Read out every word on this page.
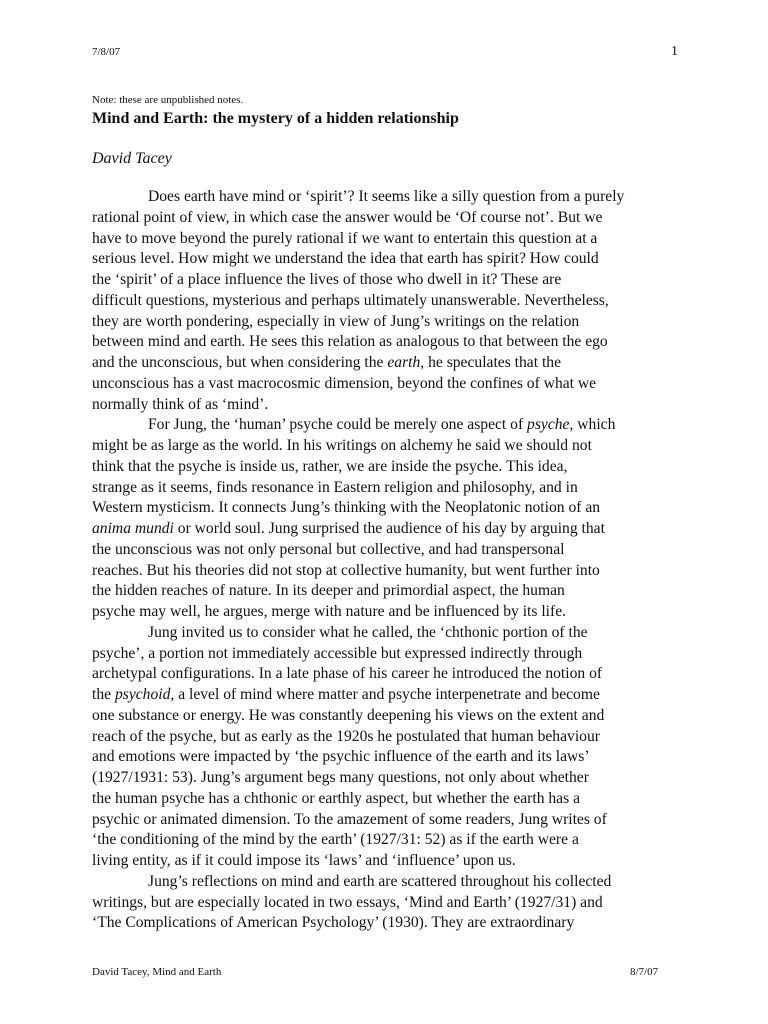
7/8/07	1
Note: these are unpublished notes.
Mind and Earth: the mystery of a hidden relationship
David Tacey
Does earth have mind or ‘spirit’? It seems like a silly question from a purely
rational point of view, in which case the answer would be ‘Of course not’. But we
have to move beyond the purely rational if we want to entertain this question at a
serious level. How might we understand the idea that earth has spirit? How could
the ‘spirit’ of a place influence the lives of those who dwell in it? These are
difficult questions, mysterious and perhaps ultimately unanswerable. Nevertheless,
they are worth pondering, especially in view of Jung’s writings on the relation
between mind and earth. He sees this relation as analogous to that between the ego
and the unconscious, but when considering the earth, he speculates that the
unconscious has a vast macrocosmic dimension, beyond the confines of what we
normally think of as ‘mind’.
For Jung, the ‘human’ psyche could be merely one aspect of psyche, which
might be as large as the world. In his writings on alchemy he said we should not
think that the psyche is inside us, rather, we are inside the psyche. This idea,
strange as it seems, finds resonance in Eastern religion and philosophy, and in
Western mysticism. It connects Jung’s thinking with the Neoplatonic notion of an
anima mundi or world soul. Jung surprised the audience of his day by arguing that
the unconscious was not only personal but collective, and had transpersonal
reaches. But his theories did not stop at collective humanity, but went further into
the hidden reaches of nature. In its deeper and primordial aspect, the human
psyche may well, he argues, merge with nature and be influenced by its life.
Jung invited us to consider what he called, the ‘chthonic portion of the
psyche’, a portion not immediately accessible but expressed indirectly through
archetypal configurations. In a late phase of his career he introduced the notion of
the psychoid, a level of mind where matter and psyche interpenetrate and become
one substance or energy. He was constantly deepening his views on the extent and
reach of the psyche, but as early as the 1920s he postulated that human behaviour
and emotions were impacted by ‘the psychic influence of the earth and its laws’
(1927/1931: 53). Jung’s argument begs many questions, not only about whether
the human psyche has a chthonic or earthly aspect, but whether the earth has a
psychic or animated dimension. To the amazement of some readers, Jung writes of
‘the conditioning of the mind by the earth’ (1927/31: 52) as if the earth were a
living entity, as if it could impose its ‘laws’ and ‘influence’ upon us.
Jung’s reflections on mind and earth are scattered throughout his collected
writings, but are especially located in two essays, ‘Mind and Earth’ (1927/31) and
‘The Complications of American Psychology’ (1930). They are extraordinary
David Tacey, Mind and Earth	8/7/07
